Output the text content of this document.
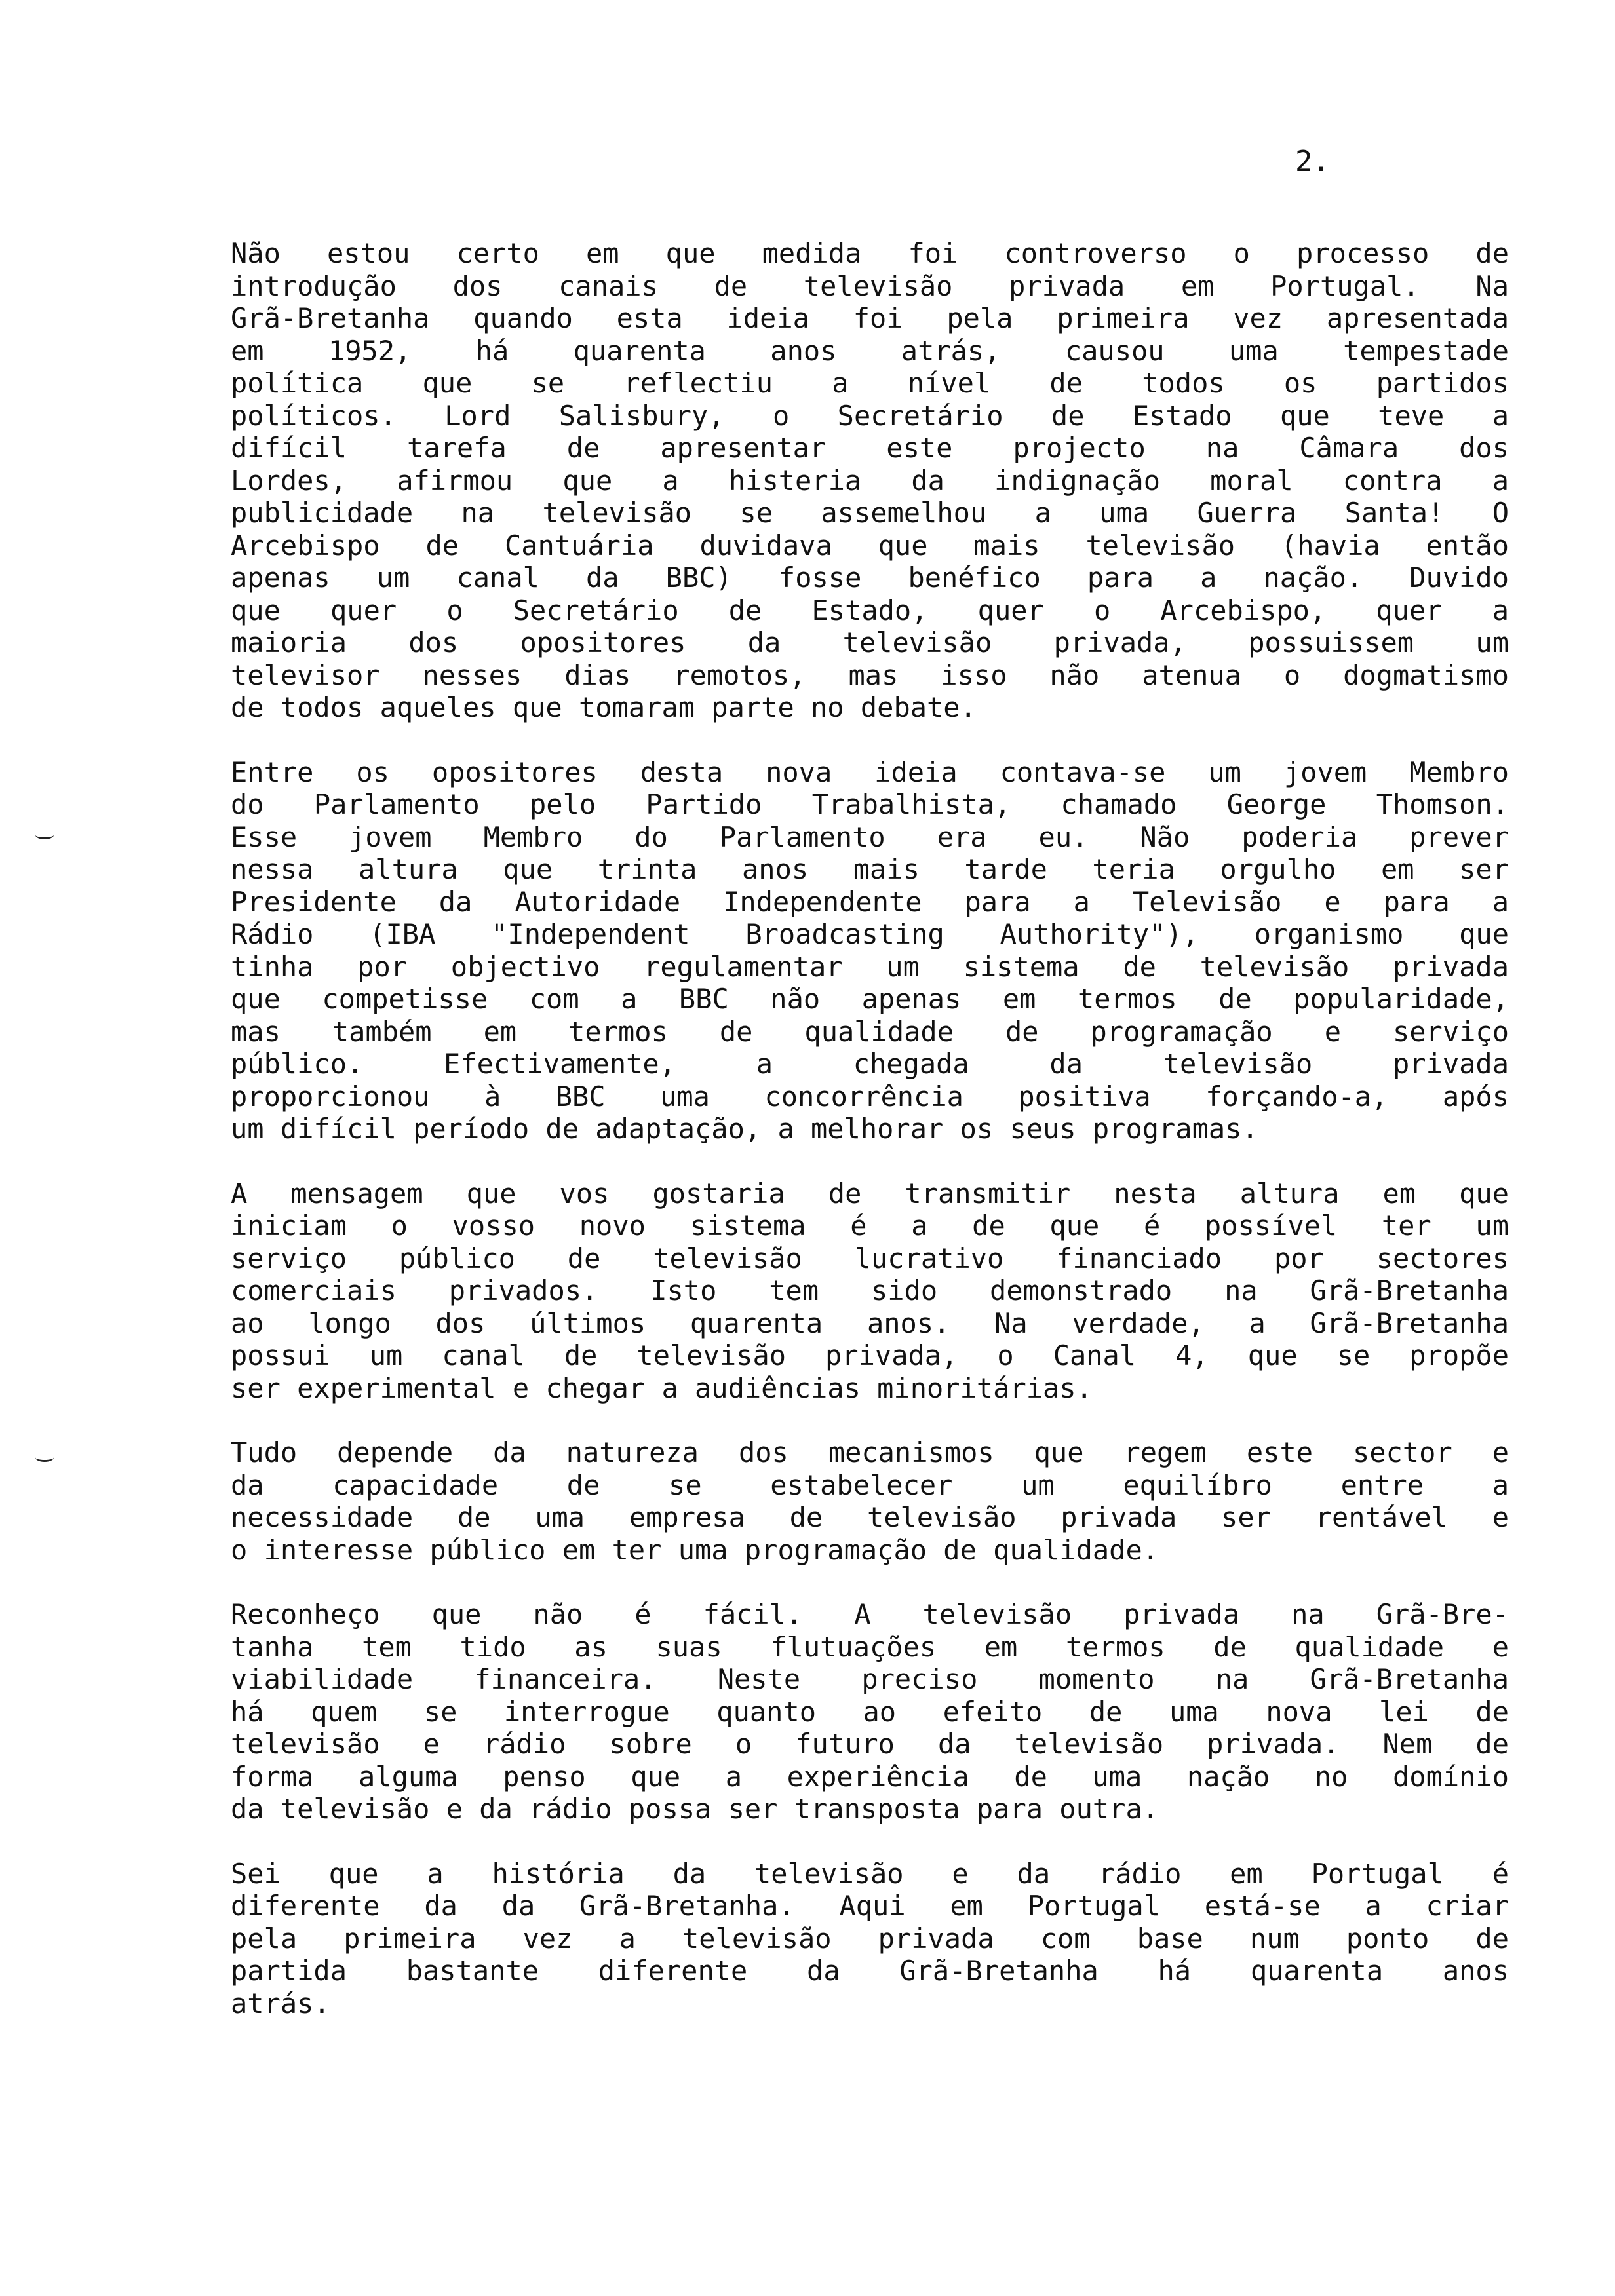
2.
Não estou certo em que medida foi controverso o processo de
introdução dos canais de televisão privada em Portugal. Na
Grã-Bretanha quando esta ideia foi pela primeira vez apresentada
em 1952, há quarenta anos atrás, causou uma tempestade
política que se reflectiu a nível de todos os partidos
políticos. Lord Salisbury, o Secretário de Estado que teve a
difícil tarefa de apresentar este projecto na Câmara dos
Lordes, afirmou que a histeria da indignação moral contra a
publicidade na televisão se assemelhou a uma Guerra Santa! O
Arcebispo de Cantuária duvidava que mais televisão (havia então
apenas um canal da BBC) fosse benéfico para a nação. Duvido
que quer o Secretário de Estado, quer o Arcebispo, quer a
maioria dos opositores da televisão privada, possuissem um
televisor nesses dias remotos, mas isso não atenua o dogmatismo
de todos aqueles que tomaram parte no debate.
Entre os opositores desta nova ideia contava-se um jovem Membro
do Parlamento pelo Partido Trabalhista, chamado George Thomson.
Esse jovem Membro do Parlamento era eu. Não poderia prever
nessa altura que trinta anos mais tarde teria orgulho em ser
Presidente da Autoridade Independente para a Televisão e para a
Rádio (IBA "Independent Broadcasting Authority"), organismo que
tinha por objectivo regulamentar um sistema de televisão privada
que competisse com a BBC não apenas em termos de popularidade,
mas também em termos de qualidade de programação e serviço
público. Efectivamente, a chegada da televisão privada
proporcionou à BBC uma concorrência positiva forçando-a, após
um difícil período de adaptação, a melhorar os seus programas.
A mensagem que vos gostaria de transmitir nesta altura em que
iniciam o vosso novo sistema é a de que é possível ter um
serviço público de televisão lucrativo financiado por sectores
comerciais privados. Isto tem sido demonstrado na Grã-Bretanha
ao longo dos últimos quarenta anos. Na verdade, a Grã-Bretanha
possui um canal de televisão privada, o Canal 4, que se propõe
ser experimental e chegar a audiências minoritárias.
Tudo depende da natureza dos mecanismos que regem este sector e
da capacidade de se estabelecer um equilíbro entre a
necessidade de uma empresa de televisão privada ser rentável e
o interesse público em ter uma programação de qualidade.
Reconheço que não é fácil. A televisão privada na Grã-Bre-
tanha tem tido as suas flutuações em termos de qualidade e
viabilidade financeira. Neste preciso momento na Grã-Bretanha
há quem se interrogue quanto ao efeito de uma nova lei de
televisão e rádio sobre o futuro da televisão privada. Nem de
forma alguma penso que a experiência de uma nação no domínio
da televisão e da rádio possa ser transposta para outra.
Sei que a história da televisão e da rádio em Portugal é
diferente da da Grã-Bretanha. Aqui em Portugal está-se a criar
pela primeira vez a televisão privada com base num ponto de
partida bastante diferente da Grã-Bretanha há quarenta anos
atrás.
